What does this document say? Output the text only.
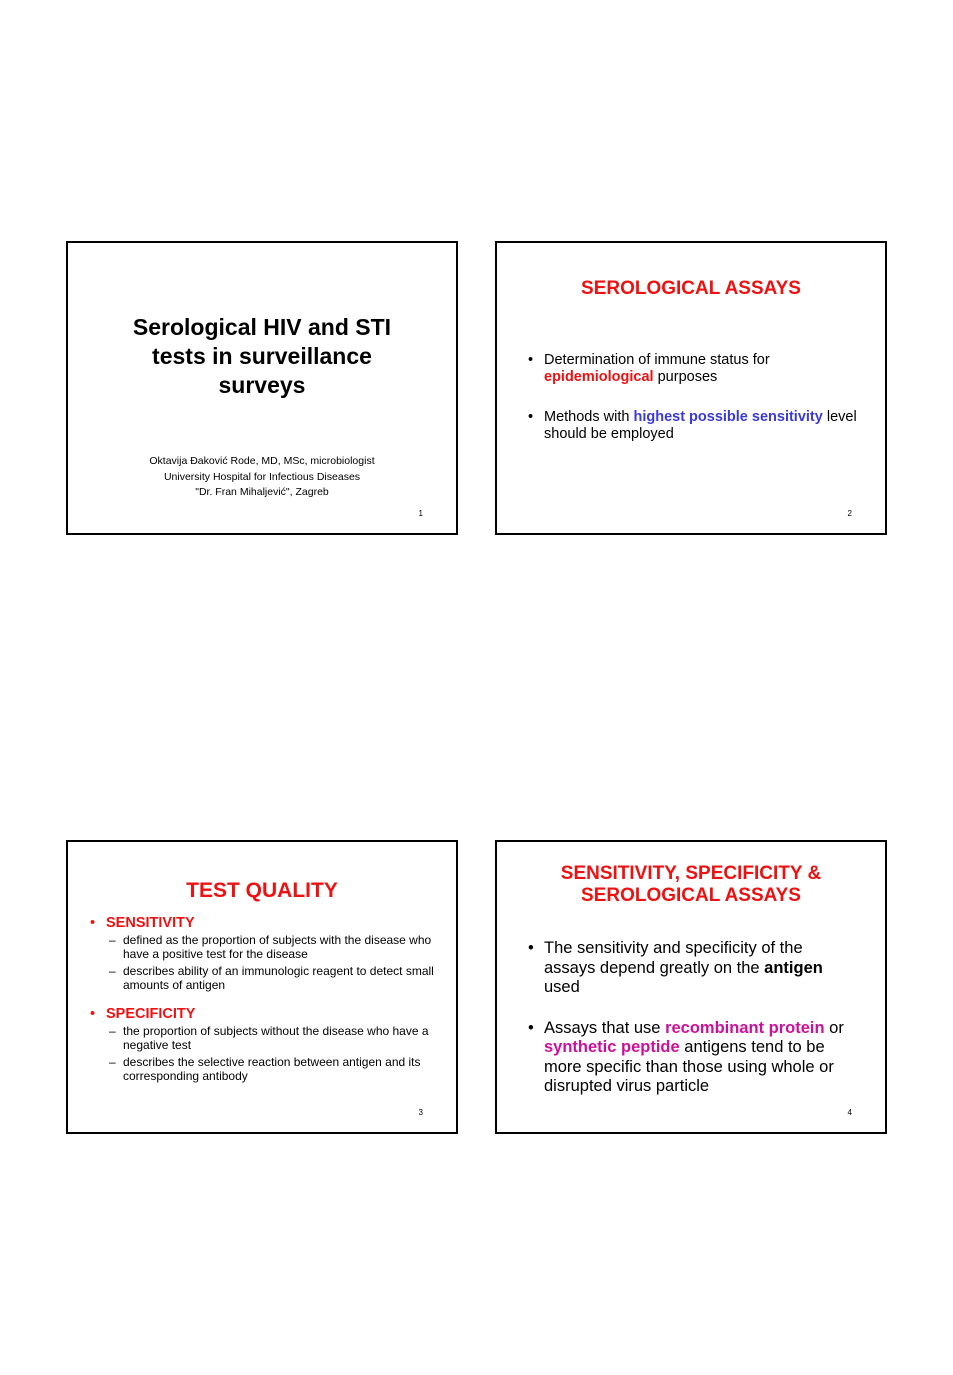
Serological HIV and STI tests in surveillance surveys
Oktavija Đaković Rode, MD, MSc, microbiologist
University Hospital for Infectious Diseases
"Dr. Fran Mihaljević", Zagreb
1
SEROLOGICAL ASSAYS
• Determination of immune status for epidemiological purposes
• Methods with highest possible sensitivity level should be employed
2
TEST QUALITY
• SENSITIVITY
– defined as the proportion of subjects with the disease who have a positive test for the disease
– describes ability of an immunologic reagent to detect small amounts of antigen
• SPECIFICITY
– the proportion of subjects without the disease who have a negative test
– describes the selective reaction between antigen and its corresponding antibody
3
SENSITIVITY, SPECIFICITY &
SEROLOGICAL ASSAYS
• The sensitivity and specificity of the assays depend greatly on the antigen used
• Assays that use recombinant protein or synthetic peptide antigens tend to be more specific than those using whole or disrupted virus particle
4
